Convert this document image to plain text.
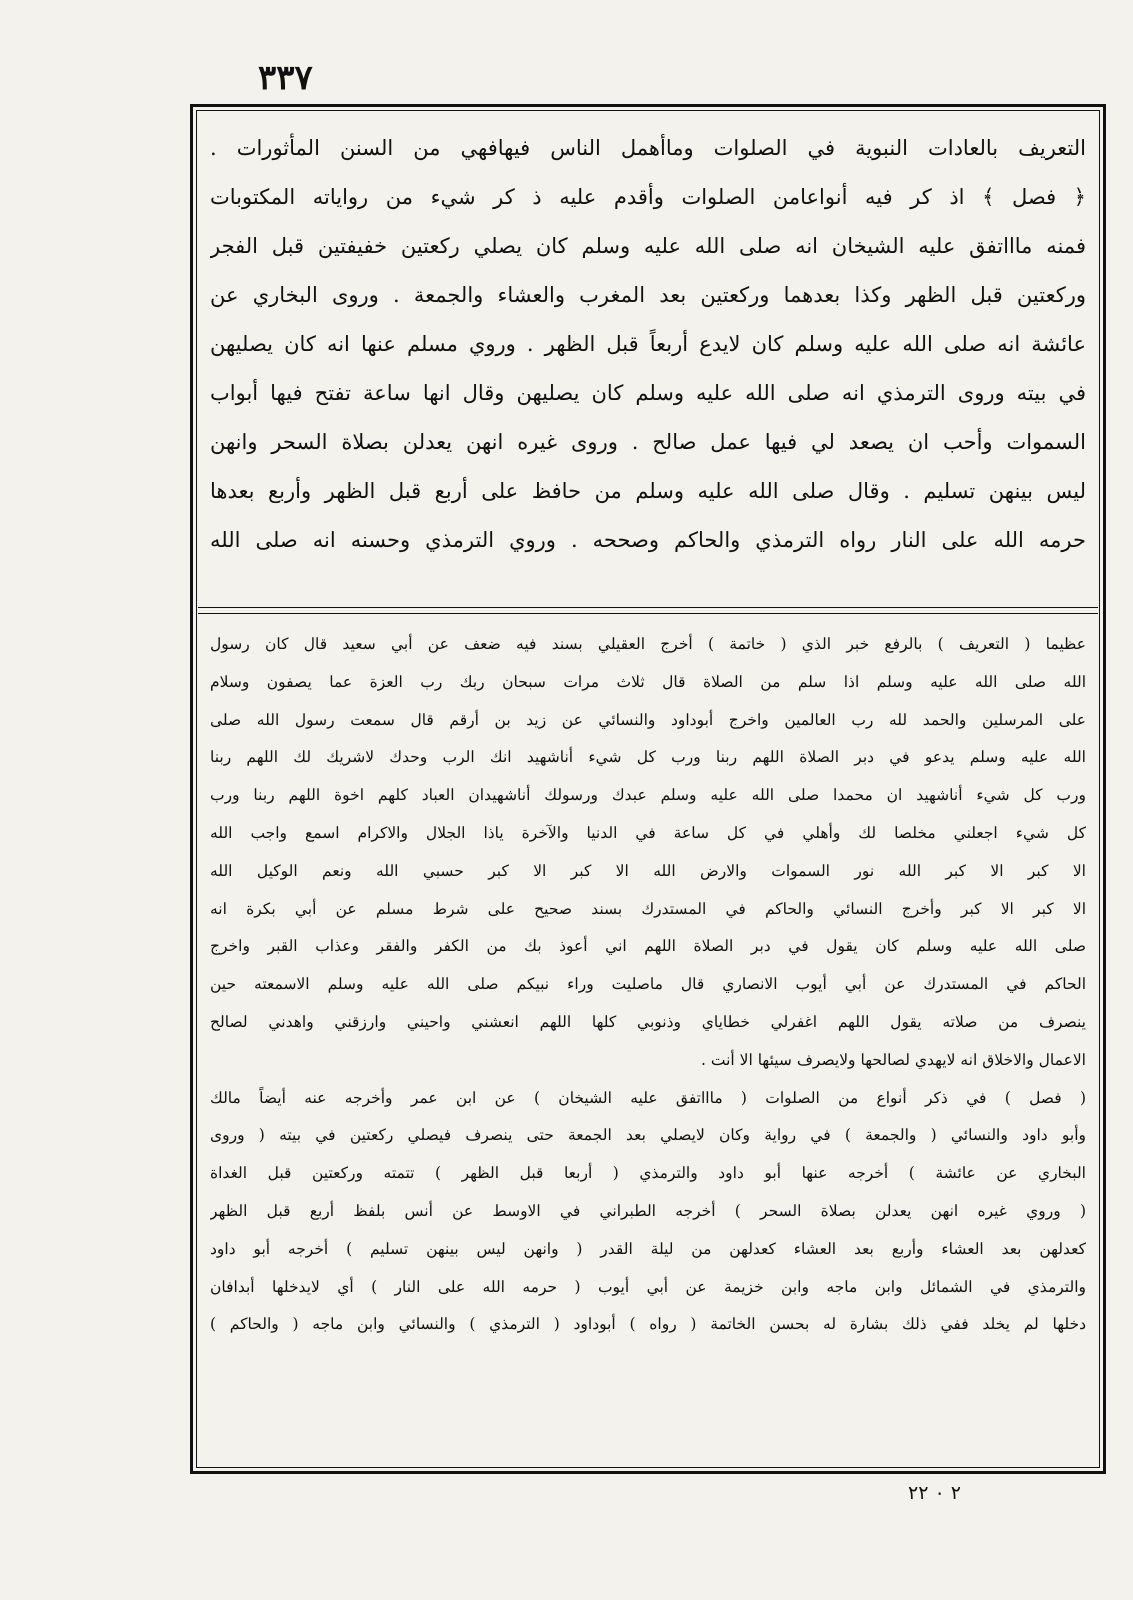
٣٣٧
التعريف بالعادات النبوية في الصلوات وماأهمل الناس فيهافهي من السنن المأثورات .
﴿ فصل ﴾ اذ كر فيه أنواعامن الصلوات وأقدم عليه ذ كر شيء من رواياته المكتوبات
فمنه ماااتفق عليه الشيخان انه صلى الله عليه وسلم كان يصلي ركعتين خفيفتين قبل الفجر
وركعتين قبل الظهر وكذا بعدهما وركعتين بعد المغرب والعشاء والجمعة . وروى البخاري عن
عائشة انه صلى الله عليه وسلم كان لايدع أربعاً قبل الظهر . وروي مسلم عنها انه كان يصليهن
في بيته وروى الترمذي انه صلى الله عليه وسلم كان يصليهن وقال انها ساعة تفتح فيها أبواب
السموات وأحب ان يصعد لي فيها عمل صالح . وروى غيره انهن يعدلن بصلاة السحر وانهن
ليس بينهن تسليم . وقال صلى الله عليه وسلم من حافظ على أربع قبل الظهر وأربع بعدها
حرمه الله على النار رواه الترمذي والحاكم وصححه . وروي الترمذي وحسنه انه صلى الله
عظيما ( التعريف ) بالرفع خبر الذي ( خاتمة ) أخرج العقيلي بسند فيه ضعف عن أبي سعيد قال كان رسول
الله صلى الله عليه وسلم اذا سلم من الصلاة قال ثلاث مرات سبحان ربك رب العزة عما يصفون وسلام
على المرسلين والحمد لله رب العالمين واخرج أبوداود والنسائي عن زيد بن أرقم قال سمعت رسول الله صلى
الله عليه وسلم يدعو في دبر الصلاة اللهم ربنا ورب كل شيء أناشهيد انك الرب وحدك لاشريك لك اللهم ربنا
ورب كل شيء أناشهيد ان محمدا صلى الله عليه وسلم عبدك ورسولك أناشهيدان العباد كلهم اخوة اللهم ربنا ورب
كل شيء اجعلني مخلصا لك وأهلي في كل ساعة في الدنيا والآخرة ياذا الجلال والاكرام اسمع واجب الله
الا كبر الا كبر الله نور السموات والارض الله الا كبر الا كبر حسبي الله ونعم الوكيل الله
الا كبر الا كبر وأخرج النسائي والحاكم في المستدرك بسند صحيح على شرط مسلم عن أبي بكرة انه
صلى الله عليه وسلم كان يقول في دبر الصلاة اللهم اني أعوذ بك من الكفر والفقر وعذاب القبر واخرج
الحاكم في المستدرك عن أبي أيوب الانصاري قال ماصليت وراء نبيكم صلى الله عليه وسلم الاسمعته حين
ينصرف من صلاته يقول اللهم اغفرلي خطاياي وذنوبي كلها اللهم انعشني واحيني وارزقني واهدني لصالح
الاعمال والاخلاق انه لايهدي لصالحها ولايصرف سيئها الا أنت .
( فصل ) في ذكر أنواع من الصلوات ( ماااتفق عليه الشيخان ) عن ابن عمر وأخرجه عنه أيضاً مالك
وأبو داود والنسائي ( والجمعة ) في رواية وكان لايصلي بعد الجمعة حتى ينصرف فيصلي ركعتين في بيته ( وروى
البخاري عن عائشة ) أخرجه عنها أبو داود والترمذي ( أربعا قبل الظهر ) تتمته وركعتين قبل الغداة
( وروي غيره انهن يعدلن بصلاة السحر ) أخرجه الطبراني في الاوسط عن أنس بلفظ أربع قبل الظهر
كعدلهن بعد العشاء وأربع بعد العشاء كعدلهن من ليلة القدر ( وانهن ليس بينهن تسليم ) أخرجه أبو داود
والترمذي في الشمائل وابن ماجه وابن خزيمة عن أبي أيوب ( حرمه الله على النار ) أي لايدخلها أبدافان
دخلها لم يخلد ففي ذلك بشارة له بحسن الخاتمة ( رواه ) أبوداود ( الترمذي ) والنسائي وابن ماجه ( والحاكم )
٢ ٠ ٢٢
